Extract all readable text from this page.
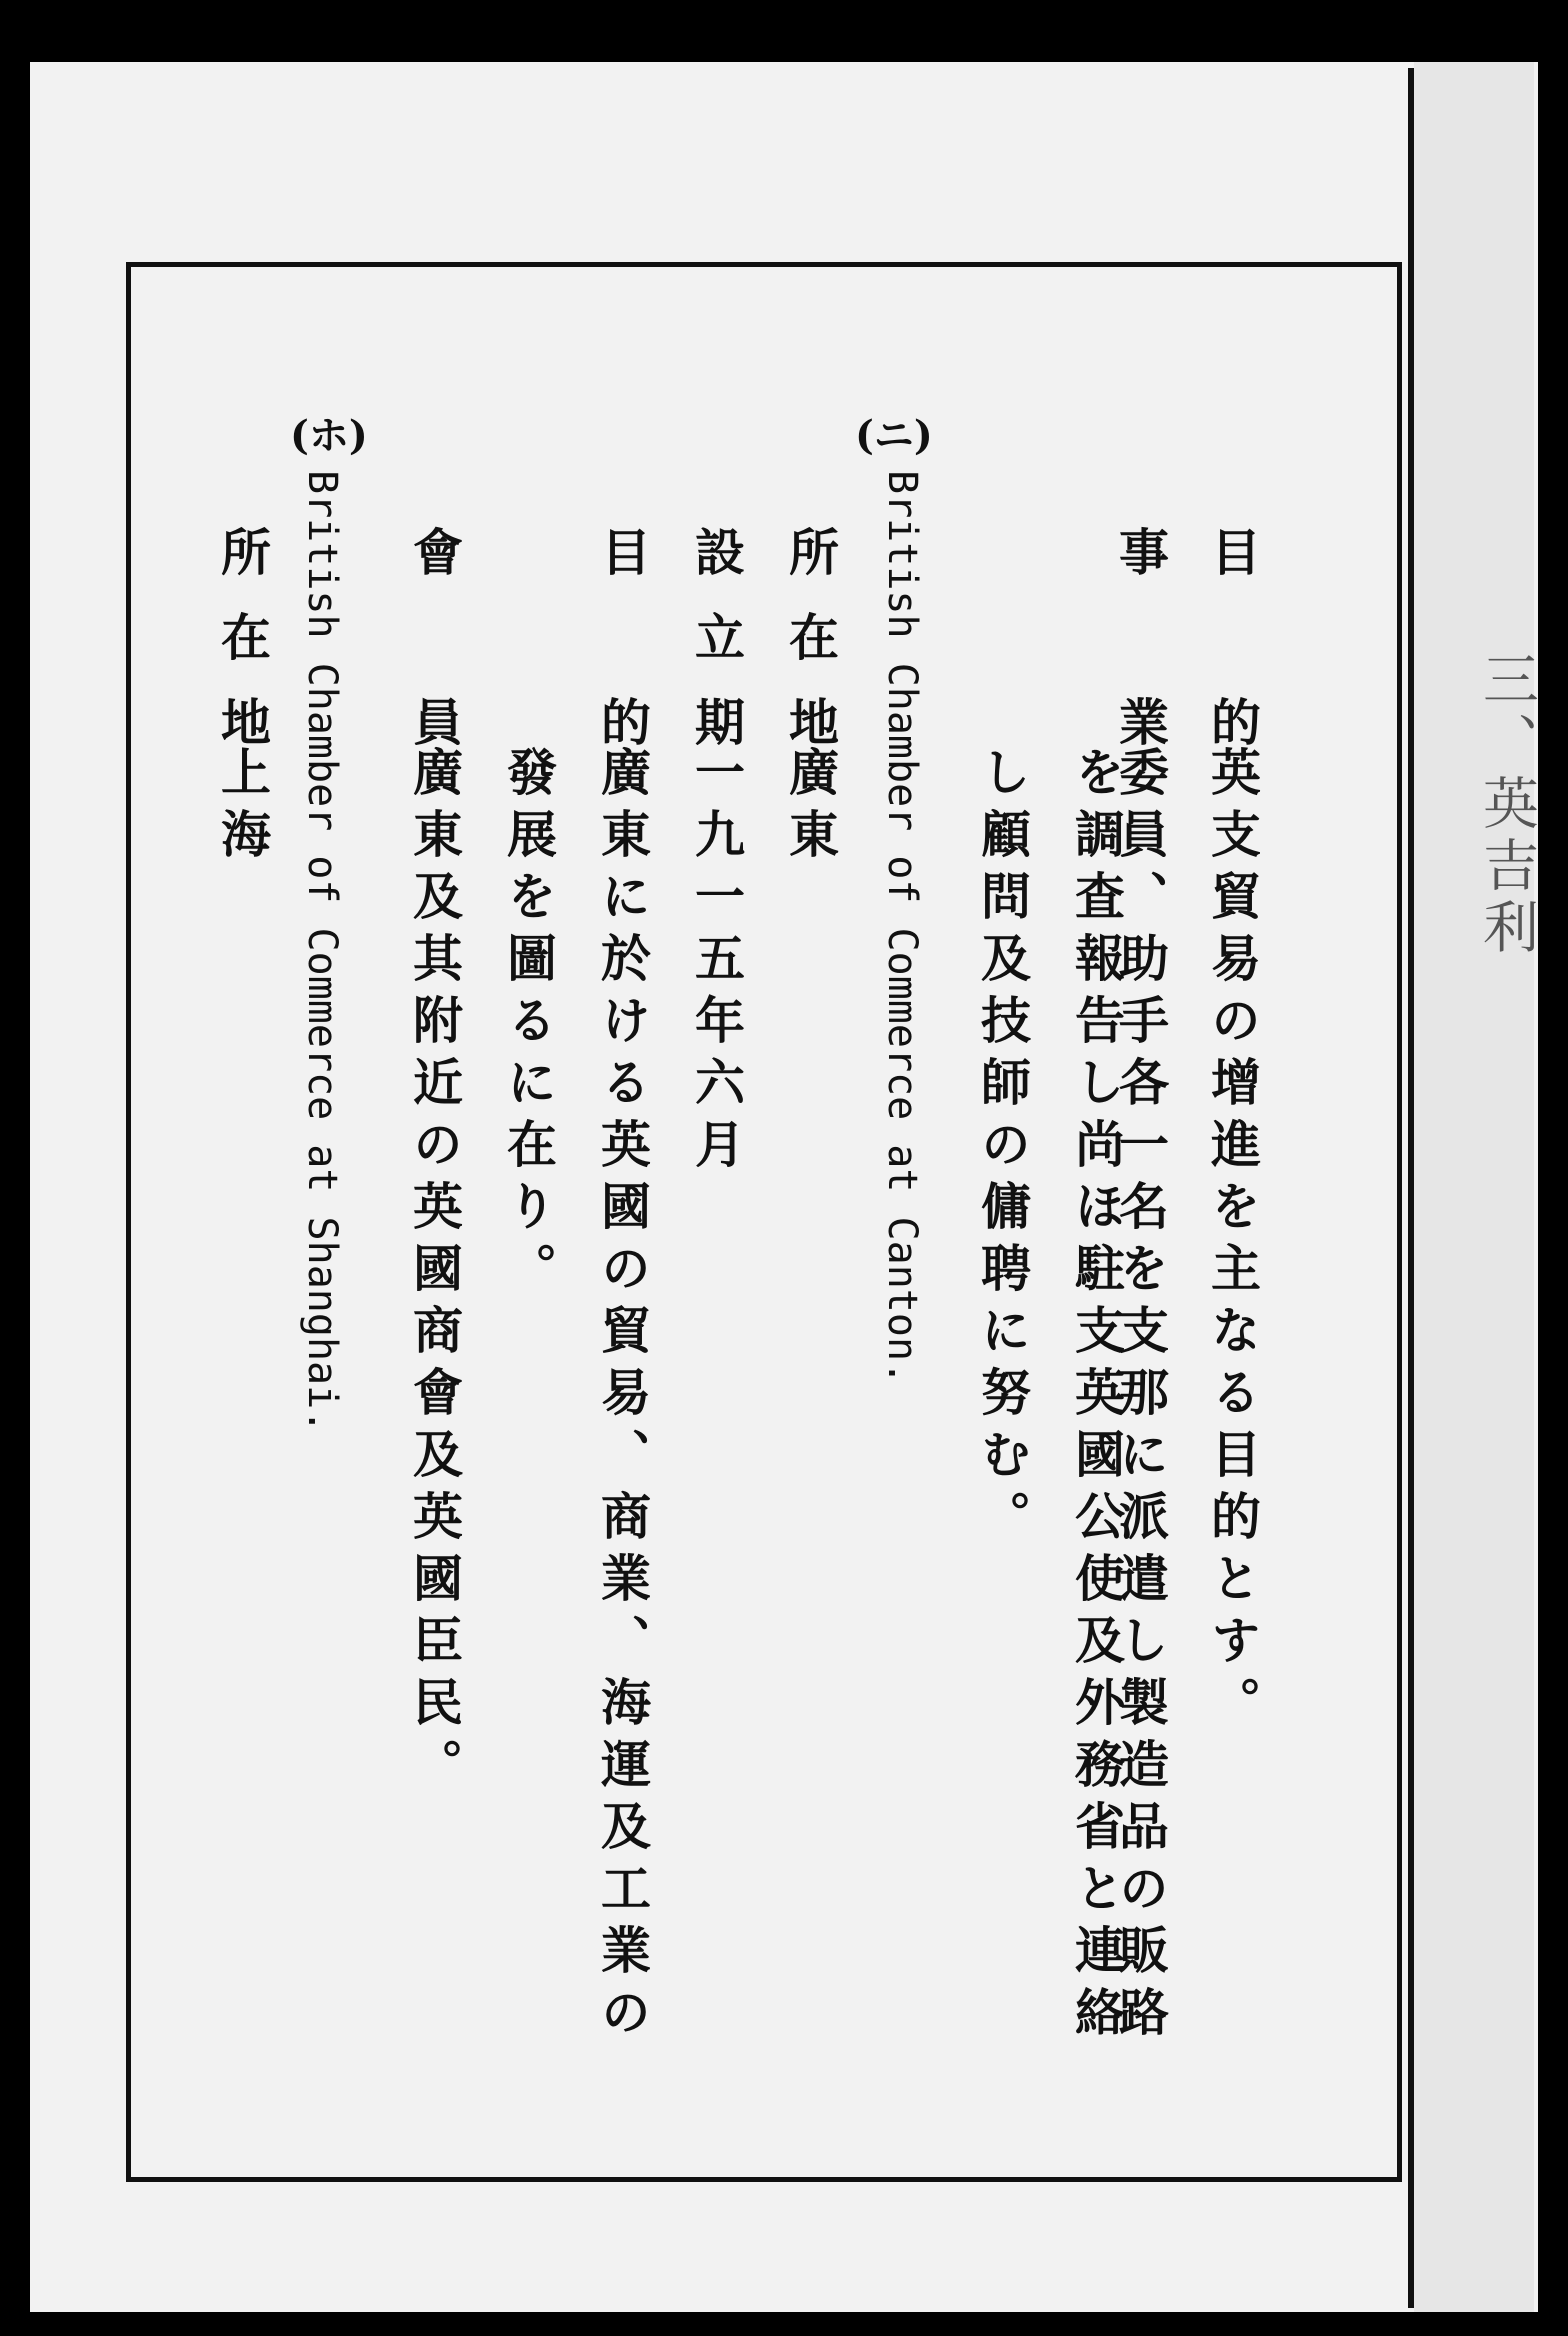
三、英吉利
目的英支貿易の增進を主なる目的とす。
事業委員、助手各一名を支那に派遣し製造品の販路
を調査報告し尚ほ駐支英國公使及外務省と連絡
し顧問及技師の傭聘に努む。
(ニ)
British Chamber of Commerce at Canton.
所在地廣東
設立期一九一五年六月
目的廣東に於ける英國の貿易、商業、海運及工業の
發展を圖るに在り。
會員廣東及其附近の英國商會及英國臣民。
(ホ)
British Chamber of Commerce at Shanghai.
所在地上海
